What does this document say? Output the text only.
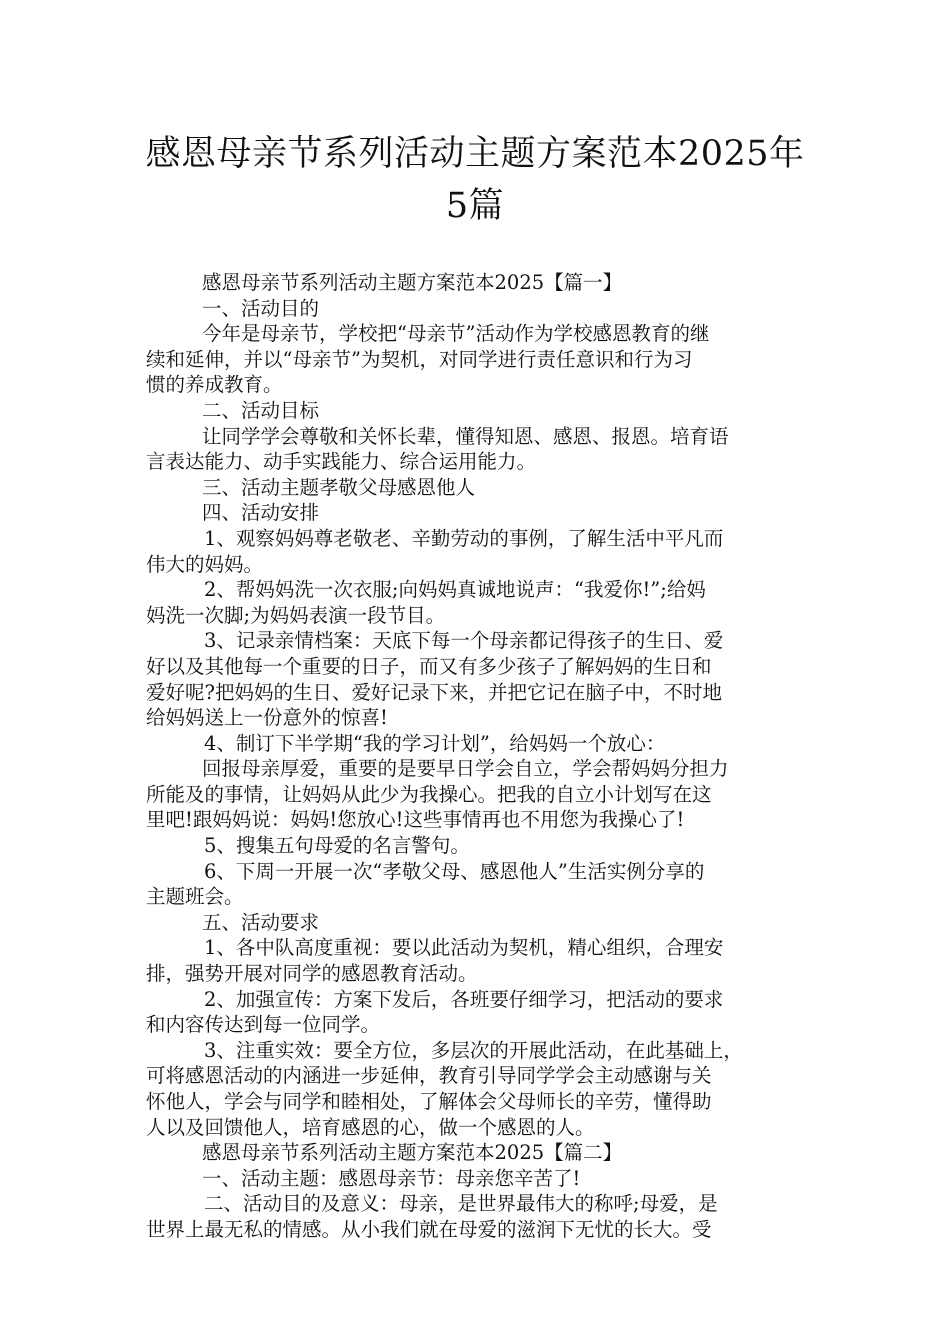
感恩母亲节系列活动主题方案范本2025年
5篇
感恩母亲节系列活动主题方案范本2025【篇一】
一、活动目的
今年是母亲节，学校把“母亲节”活动作为学校感恩教育的继
续和延伸，并以“母亲节”为契机，对同学进行责任意识和行为习
惯的养成教育。
二、活动目标
让同学学会尊敬和关怀长辈，懂得知恩、感恩、报恩。培育语
言表达能力、动手实践能力、综合运用能力。
三、活动主题孝敬父母感恩他人
四、活动安排
1、观察妈妈尊老敬老、辛勤劳动的事例，了解生活中平凡而
伟大的妈妈。
2、帮妈妈洗一次衣服;向妈妈真诚地说声：“我爱你!”;给妈
妈洗一次脚;为妈妈表演一段节目。
3、记录亲情档案：天底下每一个母亲都记得孩子的生日、爱
好以及其他每一个重要的日子，而又有多少孩子了解妈妈的生日和
爱好呢?把妈妈的生日、爱好记录下来，并把它记在脑子中，不时地
给妈妈送上一份意外的惊喜!
4、制订下半学期“我的学习计划”，给妈妈一个放心：
回报母亲厚爱，重要的是要早日学会自立，学会帮妈妈分担力
所能及的事情，让妈妈从此少为我操心。把我的自立小计划写在这
里吧!跟妈妈说：妈妈!您放心!这些事情再也不用您为我操心了!
5、搜集五句母爱的名言警句。
6、下周一开展一次“孝敬父母、感恩他人”生活实例分享的
主题班会。
五、活动要求
1、各中队高度重视：要以此活动为契机，精心组织，合理安
排，强势开展对同学的感恩教育活动。
2、加强宣传：方案下发后，各班要仔细学习，把活动的要求
和内容传达到每一位同学。
3、注重实效：要全方位，多层次的开展此活动，在此基础上，
可将感恩活动的内涵进一步延伸，教育引导同学学会主动感谢与关
怀他人，学会与同学和睦相处，了解体会父母师长的辛劳，懂得助
人以及回馈他人，培育感恩的心，做一个感恩的人。
感恩母亲节系列活动主题方案范本2025【篇二】
一、活动主题：感恩母亲节：母亲您辛苦了!
二、活动目的及意义：母亲，是世界最伟大的称呼;母爱，是
世界上最无私的情感。从小我们就在母爱的滋润下无忧的长大。受
